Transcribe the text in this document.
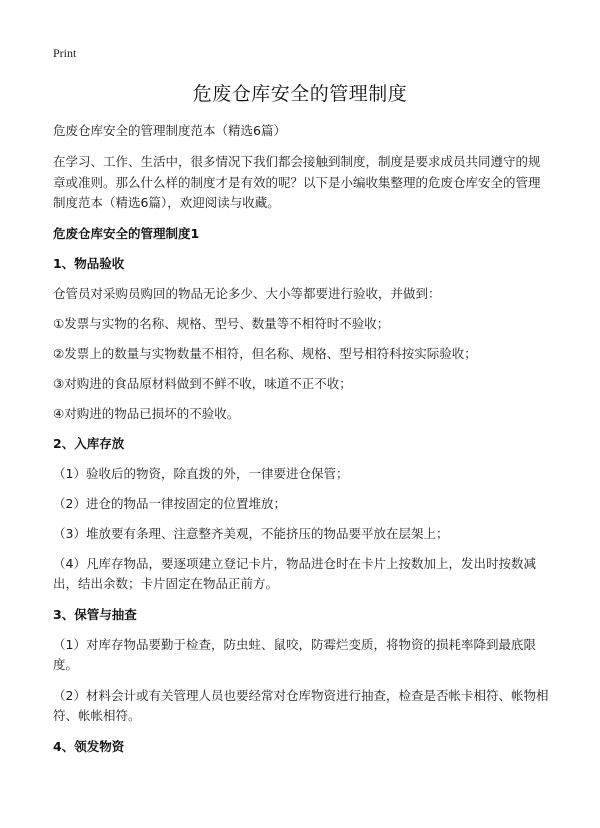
Print
危废仓库安全的管理制度

危废仓库安全的管理制度范本（精选6篇）

在学习、工作、生活中，很多情况下我们都会接触到制度，制度是要求成员共同遵守的规章或准则。那么什么样的制度才是有效的呢？以下是小编收集整理的危废仓库安全的管理制度范本（精选6篇），欢迎阅读与收藏。

危废仓库安全的管理制度1

1、物品验收

仓管员对采购员购回的物品无论多少、大小等都要进行验收，并做到：

①发票与实物的名称、规格、型号、数量等不相符时不验收；

②发票上的数量与实物数量不相符，但名称、规格、型号相符科按实际验收；

③对购进的食品原材料做到不鲜不收，味道不正不收；

④对购进的物品已损坏的不验收。

2、入库存放

（1）验收后的物资，除直拨的外，一律要进仓保管；

（2）进仓的物品一律按固定的位置堆放；

（3）堆放要有条理、注意整齐美观，不能挤压的物品要平放在层架上；

（4）凡库存物品，要逐项建立登记卡片，物品进仓时在卡片上按数加上，发出时按数减出，结出余数；卡片固定在物品正前方。

3、保管与抽查

（1）对库存物品要勤于检查，防虫蛀、鼠咬，防霉烂变质，将物资的损耗率降到最底限度。

（2）材料会计或有关管理人员也要经常对仓库物资进行抽查，检查是否帐卡相符、帐物相符、帐帐相符。

4、领发物资
